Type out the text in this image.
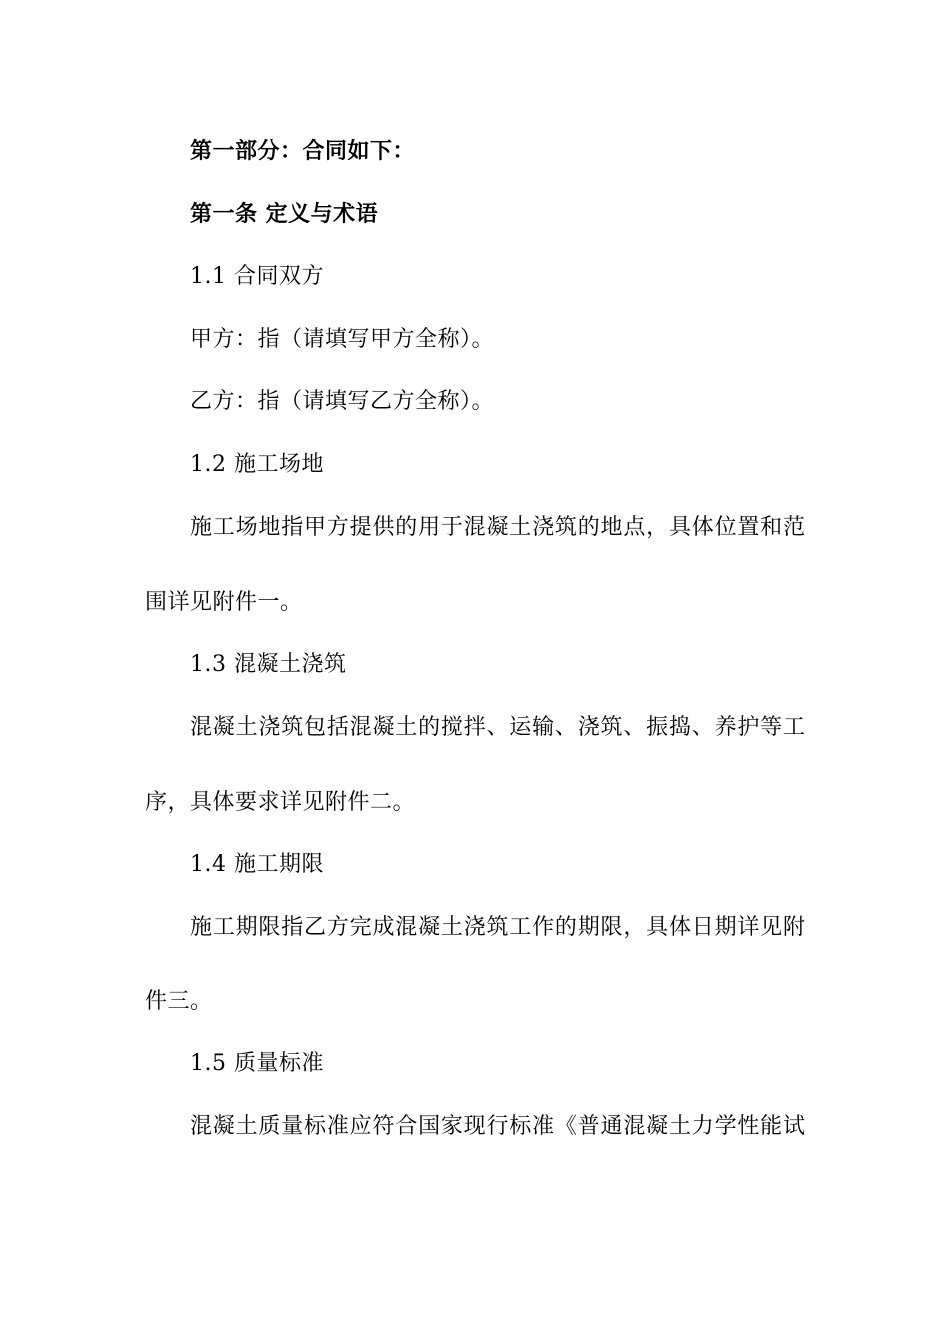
第一部分：合同如下：
第一条 定义与术语
1.1 合同双方
甲方：指（请填写甲方全称）。
乙方：指（请填写乙方全称）。
1.2 施工场地
施工场地指甲方提供的用于混凝土浇筑的地点，具体位置和范
围详见附件一。
1.3 混凝土浇筑
混凝土浇筑包括混凝土的搅拌、运输、浇筑、振捣、养护等工
序，具体要求详见附件二。
1.4 施工期限
施工期限指乙方完成混凝土浇筑工作的期限，具体日期详见附
件三。
1.5 质量标准
混凝土质量标准应符合国家现行标准《普通混凝土力学性能试
